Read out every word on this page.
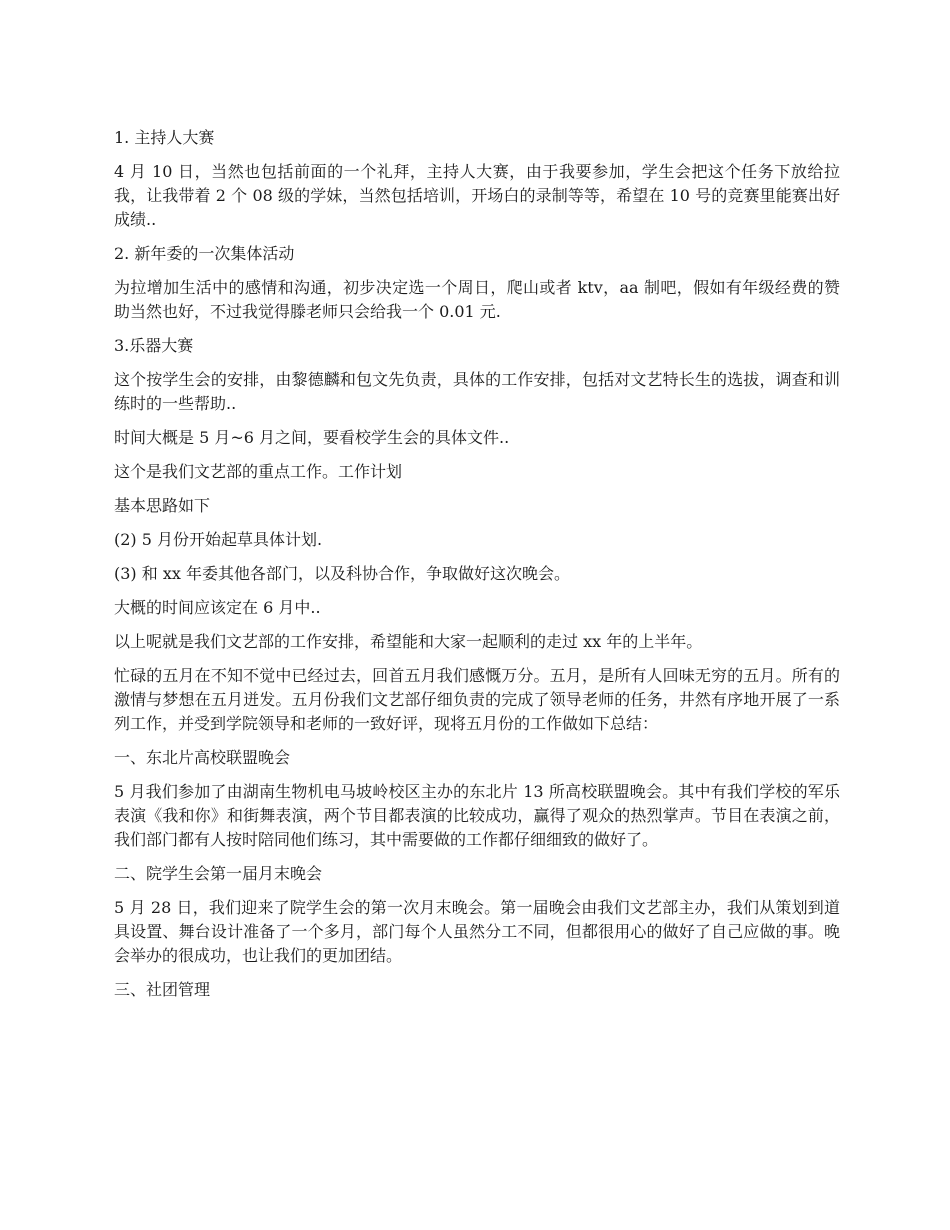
1. 主持人大赛

4 月 10 日，当然也包括前面的一个礼拜，主持人大赛，由于我要参加，学生会把这个任务下放给拉我，让我带着 2 个 08 级的学妹，当然包括培训，开场白的录制等等，希望在 10 号的竞赛里能赛出好成绩..

2. 新年委的一次集体活动

为拉增加生活中的感情和沟通，初步决定选一个周日，爬山或者 ktv，aa 制吧，假如有年级经费的赞助当然也好，不过我觉得滕老师只会给我一个 0.01 元.

3.乐器大赛

这个按学生会的安排，由黎德麟和包文先负责，具体的工作安排，包括对文艺特长生的选拔，调查和训练时的一些帮助..

时间大概是 5 月~6 月之间，要看校学生会的具体文件..

这个是我们文艺部的重点工作。工作计划

基本思路如下

(2) 5 月份开始起草具体计划.

(3) 和 xx 年委其他各部门，以及科协合作，争取做好这次晚会。

大概的时间应该定在 6 月中..

以上呢就是我们文艺部的工作安排，希望能和大家一起顺利的走过 xx 年的上半年。

忙碌的五月在不知不觉中已经过去，回首五月我们感慨万分。五月，是所有人回味无穷的五月。所有的激情与梦想在五月迸发。五月份我们文艺部仔细负责的完成了领导老师的任务，井然有序地开展了一系列工作，并受到学院领导和老师的一致好评，现将五月份的工作做如下总结：

一、东北片高校联盟晚会

5 月我们参加了由湖南生物机电马坡岭校区主办的东北片 13 所高校联盟晚会。其中有我们学校的军乐表演《我和你》和街舞表演，两个节目都表演的比较成功，赢得了观众的热烈掌声。节目在表演之前，我们部门都有人按时陪同他们练习，其中需要做的工作都仔细细致的做好了。

二、院学生会第一届月末晚会

5 月 28 日，我们迎来了院学生会的第一次月末晚会。第一届晚会由我们文艺部主办，我们从策划到道具设置、舞台设计准备了一个多月，部门每个人虽然分工不同，但都很用心的做好了自己应做的事。晚会举办的很成功，也让我们的更加团结。

三、社团管理
